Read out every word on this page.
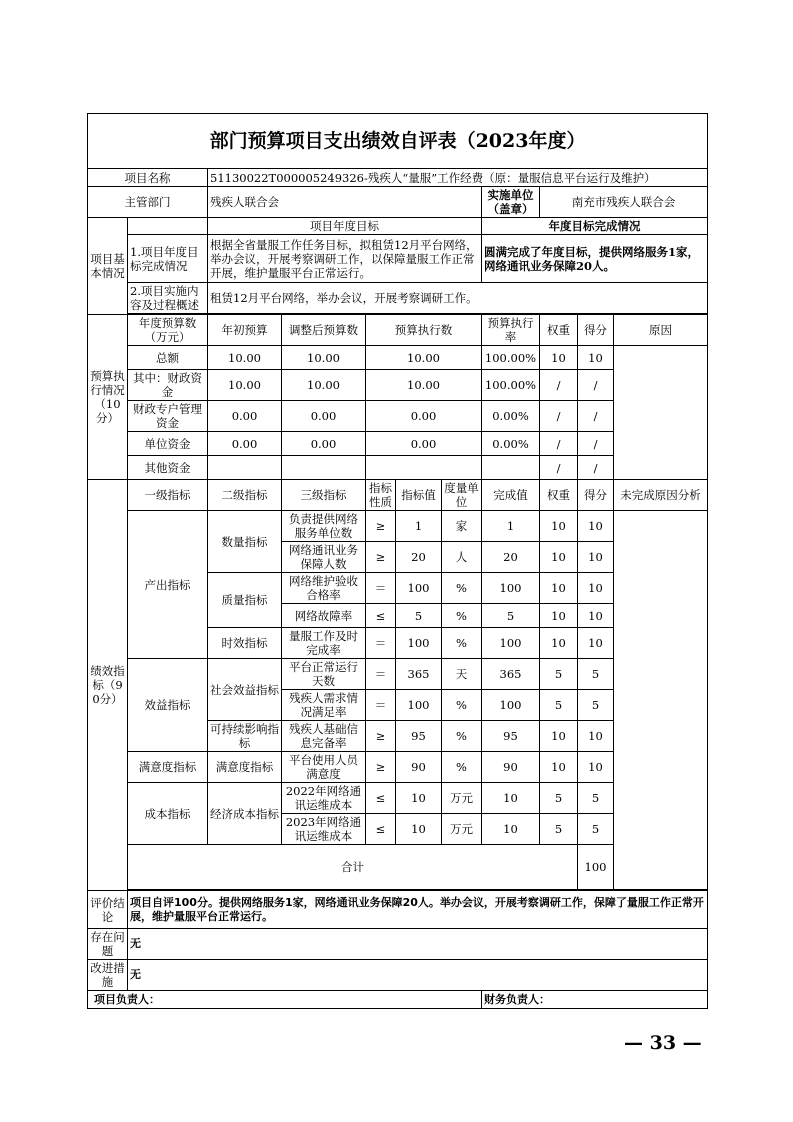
部门预算项目支出绩效自评表（2023年度）											
项目名称		51130022T000005249326-残疾人“量服”工作经费（原：量服信息平台运行及维护）									
主管部门		残疾人联合会					实施单位（盖章）	南充市残疾人联合会			
项目基本情况		项目年度目标					年度目标完成情况				
	1.项目年度目标完成情况	根据全省量服工作任务目标，拟租赁12月平台网络，举办会议，开展考察调研工作，以保障量服工作正常开展，维护量服平台正常运行。					圆满完成了年度目标，提供网络服务1家，网络通讯业务保障20人。				
	2.项目实施内容及过程概述	租赁12月平台网络，举办会议，开展考察调研工作。									

预算执行情况（10分）	年度预算数（万元）	年初预算	调整后预算数	预算执行数			预算执行率	权重	得分	原因	
	总额	10.00	10.00	10.00			100.00%	10	10		
	其中：财政资金	10.00	10.00	10.00			100.00%	/	/		
	财政专户管理资金	0.00	0.00	0.00			0.00%	/	/		
	单位资金	0.00	0.00	0.00			0.00%	/	/		
	其他资金							/	/		
绩效指标（90分）	一级指标	二级指标	三级指标	指标性质	指标值	度量单位	完成值	权重	得分	未完成原因分析	
	产出指标	数量指标	负责提供网络服务单位数	≥	1	家	1	10	10		
			网络通讯业务保障人数	≥	20	人	20	10	10		
		质量指标	网络维护验收合格率	＝	100	%	100	10	10		
			网络故障率	≤	5	%	5	10	10		
		时效指标	量服工作及时完成率	＝	100	%	100	10	10		
	效益指标	社会效益指标	平台正常运行天数	＝	365	天	365	5	5		
			残疾人需求情况满足率	＝	100	%	100	5	5		
		可持续影响指标	残疾人基础信息完备率	≥	95	%	95	10	10		
	满意度指标	满意度指标	平台使用人员满意度	≥	90	%	90	10	10		
	成本指标	经济成本指标	2022年网络通讯运维成本	≤	10	万元	10	5	5		
			2023年网络通讯运维成本	≤	10	万元	10	5	5		
	合计								100	

评价结论	项目自评100分。提供网络服务1家，网络通讯业务保障20人。举办会议，开展考察调研工作，保障了量服工作正常开展，维护量服平台正常运行。										
存在问题	无										
改进措施	无										
项目负责人：							财务负责人：				
— 33 —
